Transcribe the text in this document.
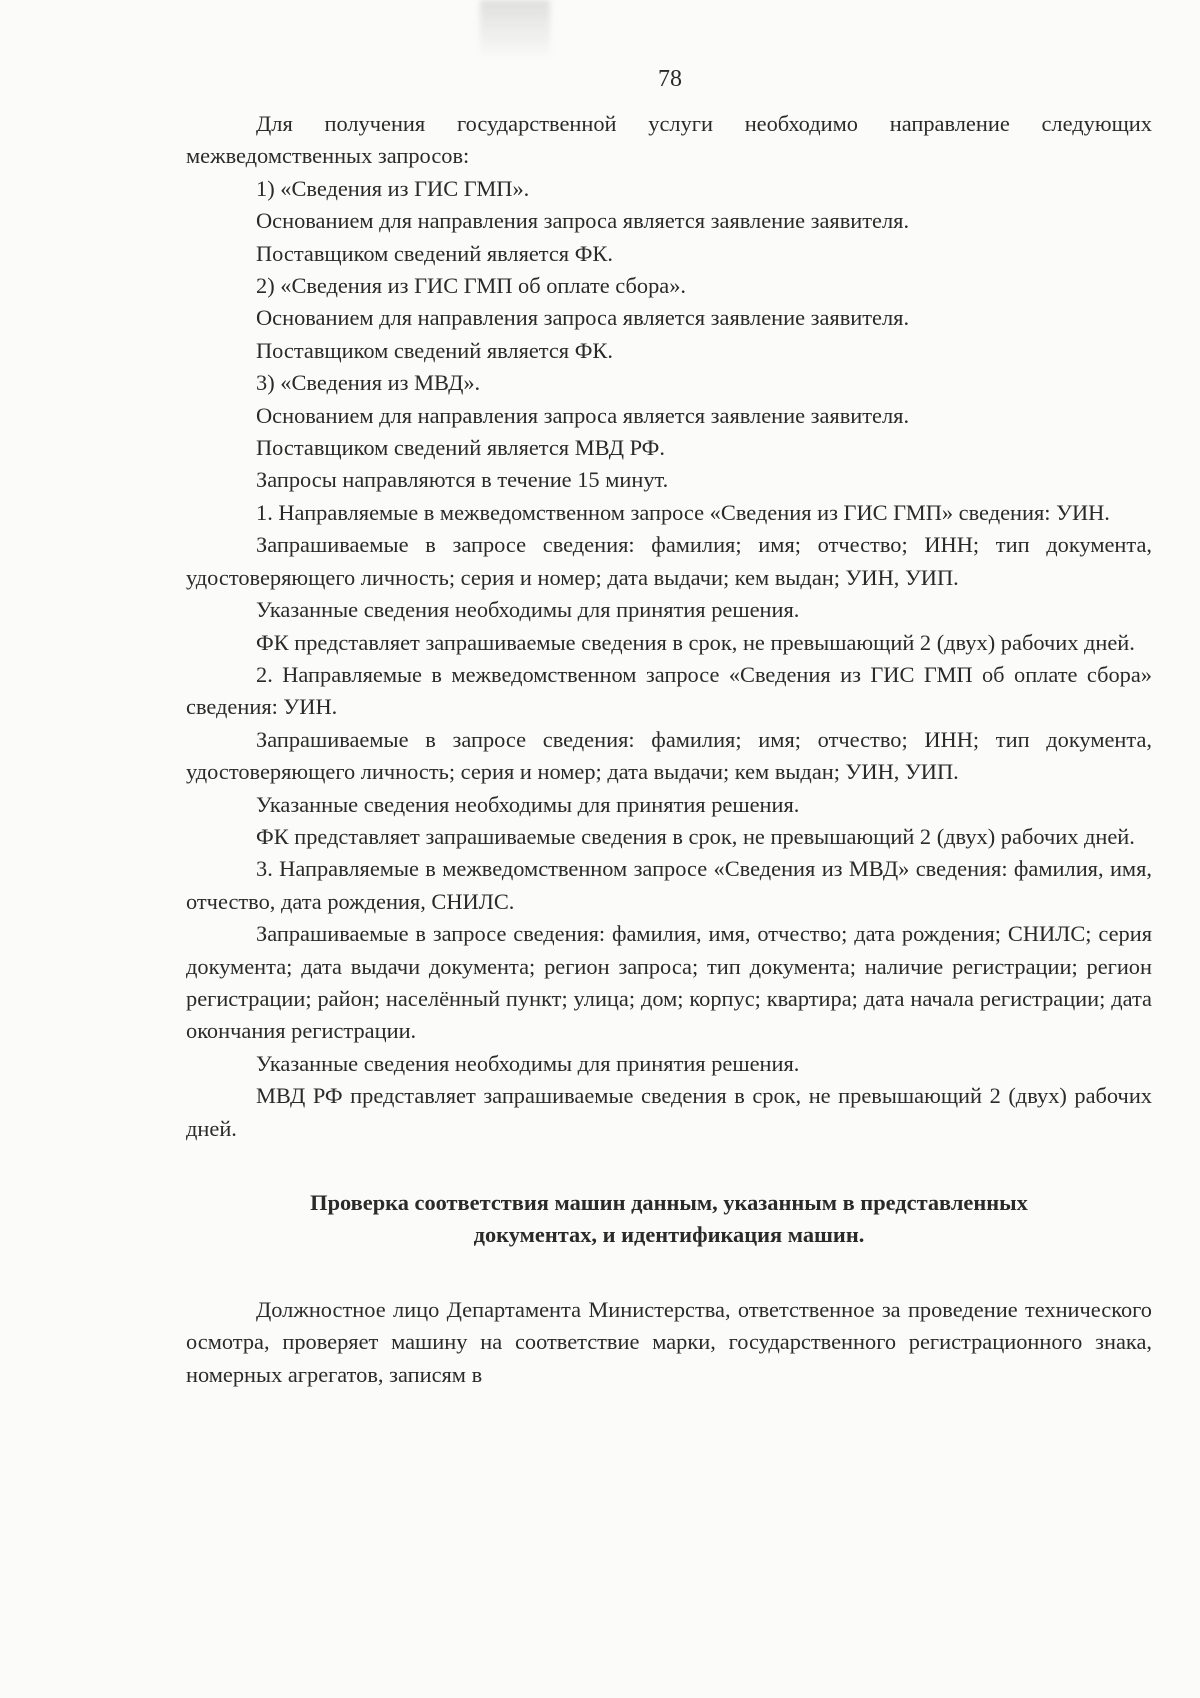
78

Для получения государственной услуги необходимо направление следующих межведомственных запросов:

1) «Сведения из ГИС ГМП».

Основанием для направления запроса является заявление заявителя.

Поставщиком сведений является ФК.

2) «Сведения из ГИС ГМП об оплате сбора».

Основанием для направления запроса является заявление заявителя.

Поставщиком сведений является ФК.

3) «Сведения из МВД».

Основанием для направления запроса является заявление заявителя.

Поставщиком сведений является МВД РФ.

Запросы направляются в течение 15 минут.

1. Направляемые в межведомственном запросе «Сведения из ГИС ГМП» сведения: УИН.

Запрашиваемые в запросе сведения: фамилия; имя; отчество; ИНН; тип документа, удостоверяющего личность; серия и номер; дата выдачи; кем выдан; УИН, УИП.

Указанные сведения необходимы для принятия решения.

ФК представляет запрашиваемые сведения в срок, не превышающий 2 (двух) рабочих дней.

2. Направляемые в межведомственном запросе «Сведения из ГИС ГМП об оплате сбора» сведения: УИН.

Запрашиваемые в запросе сведения: фамилия; имя; отчество; ИНН; тип документа, удостоверяющего личность; серия и номер; дата выдачи; кем выдан; УИН, УИП.

Указанные сведения необходимы для принятия решения.

ФК представляет запрашиваемые сведения в срок, не превышающий 2 (двух) рабочих дней.

3. Направляемые в межведомственном запросе «Сведения из МВД» сведения: фамилия, имя, отчество, дата рождения, СНИЛС.

Запрашиваемые в запросе сведения: фамилия, имя, отчество; дата рождения; СНИЛС; серия документа; дата выдачи документа; регион запроса; тип документа; наличие регистрации; регион регистрации; район; населённый пункт; улица; дом; корпус; квартира; дата начала регистрации; дата окончания регистрации.

Указанные сведения необходимы для принятия решения.

МВД РФ представляет запрашиваемые сведения в срок, не превышающий 2 (двух) рабочих дней.

Проверка соответствия машин данным, указанным в представленных
документах, и идентификация машин.

Должностное лицо Департамента Министерства, ответственное за проведение технического осмотра, проверяет машину на соответствие марки, государственного регистрационного знака, номерных агрегатов, записям в
